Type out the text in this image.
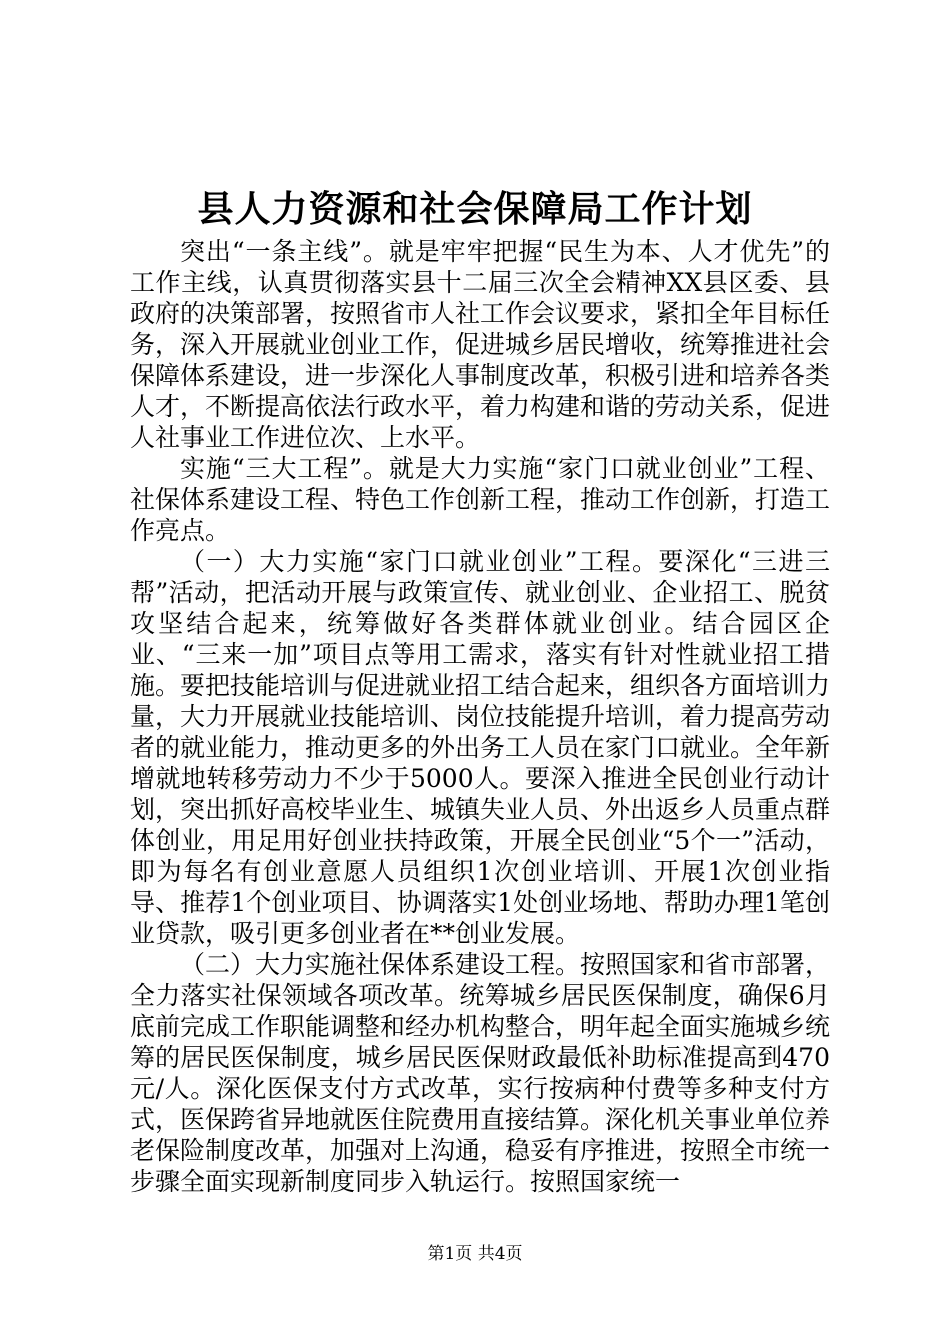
县人力资源和社会保障局工作计划

突出“一条主线”。就是牢牢把握“民生为本、人才优先”的工作主线，认真贯彻落实县十二届三次全会精神XX县区委、县政府的决策部署，按照省市人社工作会议要求，紧扣全年目标任务，深入开展就业创业工作，促进城乡居民增收，统筹推进社会保障体系建设，进一步深化人事制度改革，积极引进和培养各类人才，不断提高依法行政水平，着力构建和谐的劳动关系，促进人社事业工作进位次、上水平。

实施“三大工程”。就是大力实施“家门口就业创业”工程、社保体系建设工程、特色工作创新工程，推动工作创新，打造工作亮点。

（一）大力实施“家门口就业创业”工程。要深化“三进三帮”活动，把活动开展与政策宣传、就业创业、企业招工、脱贫攻坚结合起来，统筹做好各类群体就业创业。结合园区企业、“三来一加”项目点等用工需求，落实有针对性就业招工措施。要把技能培训与促进就业招工结合起来，组织各方面培训力量，大力开展就业技能培训、岗位技能提升培训，着力提高劳动者的就业能力，推动更多的外出务工人员在家门口就业。全年新增就地转移劳动力不少于5000人。要深入推进全民创业行动计划，突出抓好高校毕业生、城镇失业人员、外出返乡人员重点群体创业，用足用好创业扶持政策，开展全民创业“5个一”活动，即为每名有创业意愿人员组织1次创业培训、开展1次创业指导、推荐1个创业项目、协调落实1处创业场地、帮助办理1笔创业贷款，吸引更多创业者在**创业发展。

（二）大力实施社保体系建设工程。按照国家和省市部署，全力落实社保领域各项改革。统筹城乡居民医保制度，确保6月底前完成工作职能调整和经办机构整合，明年起全面实施城乡统筹的居民医保制度，城乡居民医保财政最低补助标准提高到470元/人。深化医保支付方式改革，实行按病种付费等多种支付方式，医保跨省异地就医住院费用直接结算。深化机关事业单位养老保险制度改革，加强对上沟通，稳妥有序推进，按照全市统一步骤全面实现新制度同步入轨运行。按照国家统一

第1页 共4页
